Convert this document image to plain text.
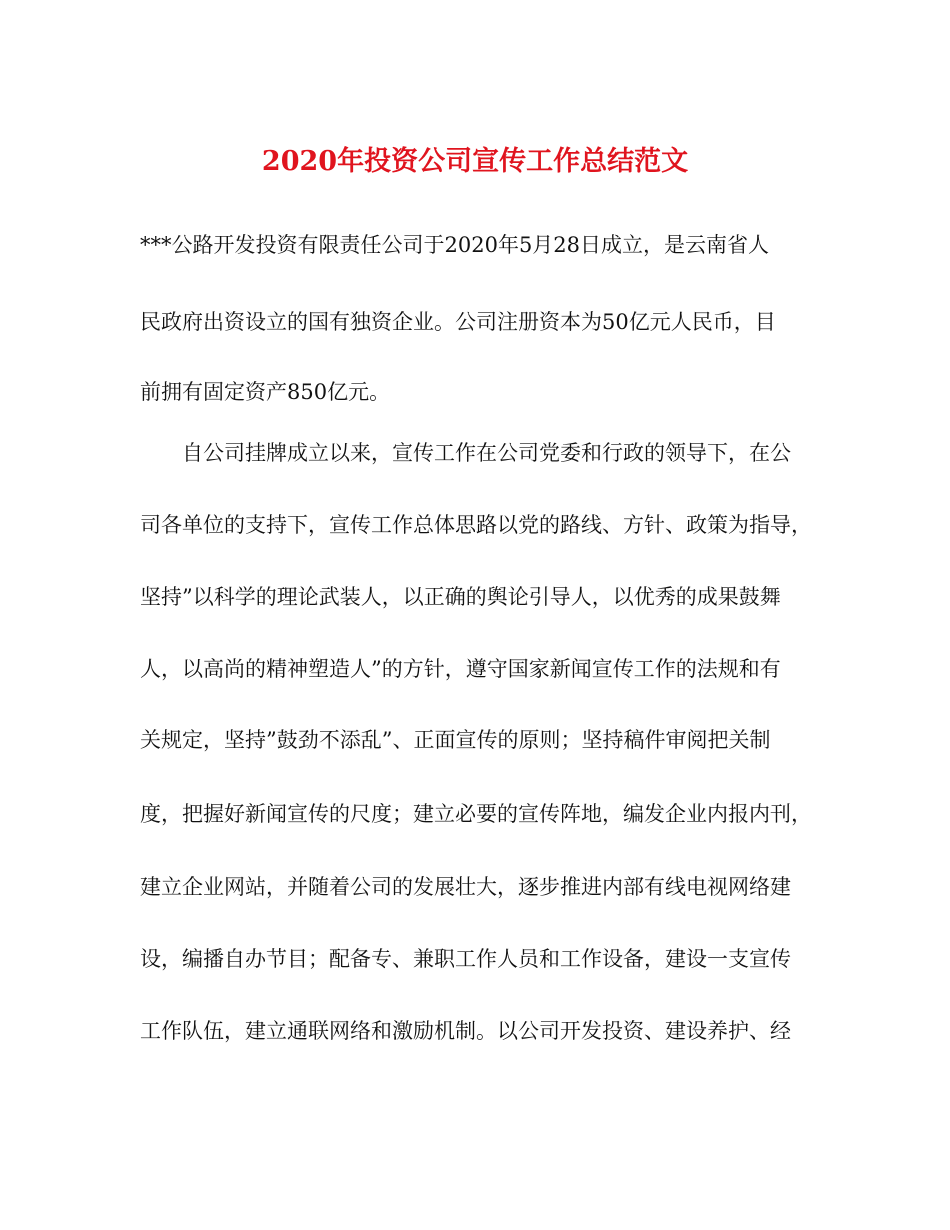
2020年投资公司宣传工作总结范文
***公路开发投资有限责任公司于2020年5月28日成立，是云南省人
民政府出资设立的国有独资企业。公司注册资本为50亿元人民币，目
前拥有固定资产850亿元。
　　自公司挂牌成立以来，宣传工作在公司党委和行政的领导下，在公
司各单位的支持下，宣传工作总体思路以党的路线、方针、政策为指导，
坚持”以科学的理论武装人，以正确的舆论引导人，以优秀的成果鼓舞
人，以高尚的精神塑造人”的方针，遵守国家新闻宣传工作的法规和有
关规定，坚持”鼓劲不添乱”、正面宣传的原则；坚持稿件审阅把关制
度，把握好新闻宣传的尺度；建立必要的宣传阵地，编发企业内报内刊，
建立企业网站，并随着公司的发展壮大，逐步推进内部有线电视网络建
设，编播自办节目；配备专、兼职工作人员和工作设备，建设一支宣传
工作队伍，建立通联网络和激励机制。以公司开发投资、建设养护、经
